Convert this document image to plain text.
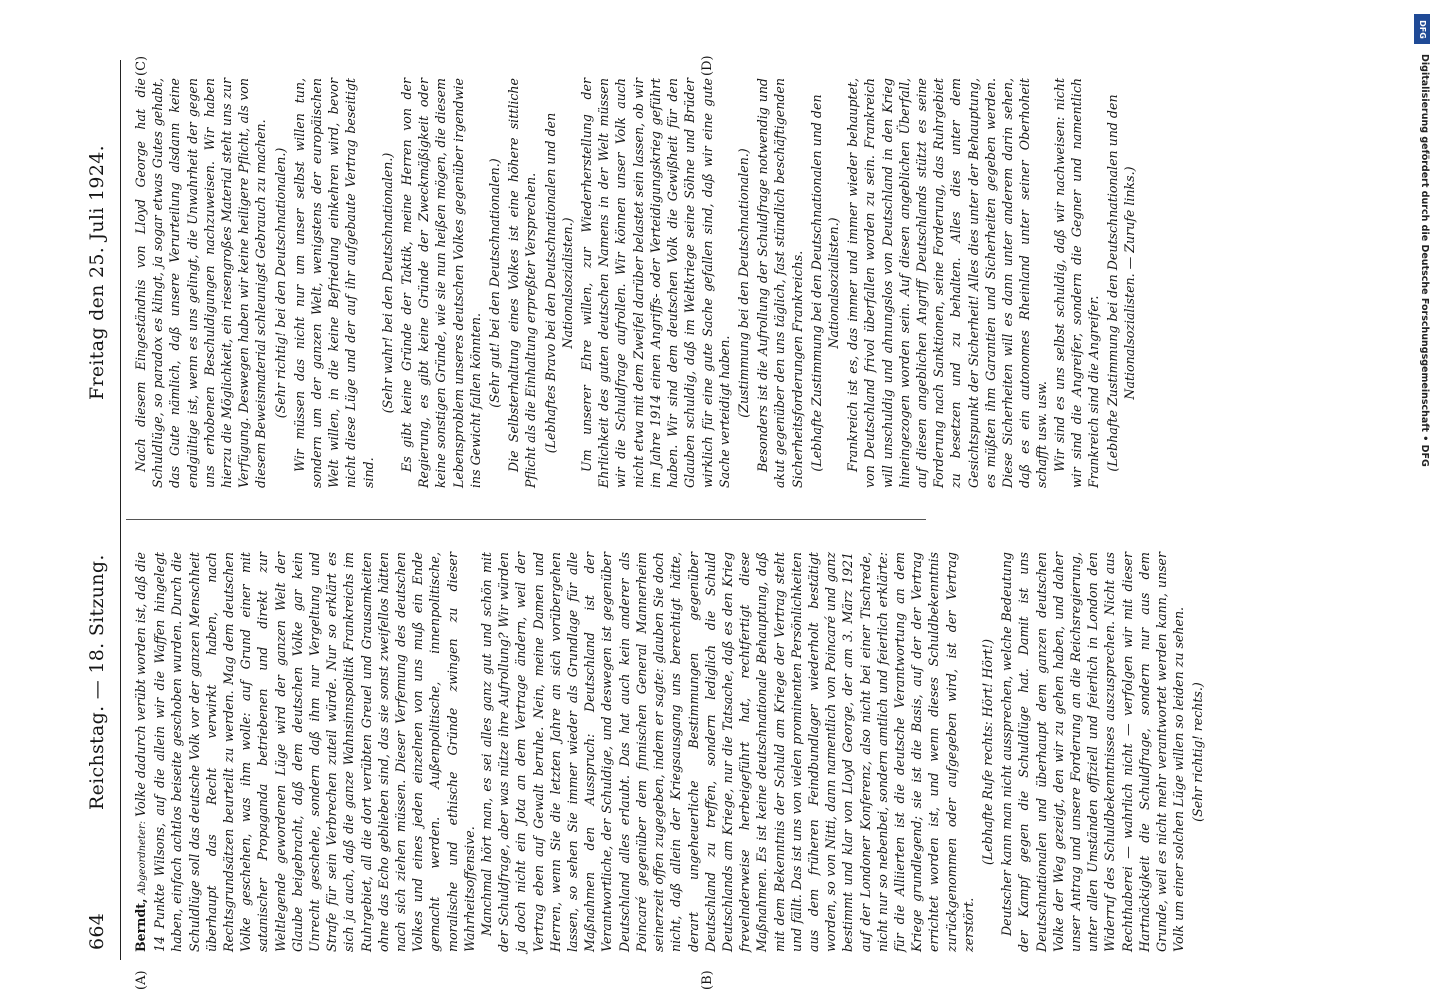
664
Reichstag. — 18. Sitzung.
Freitag den 25. Juli 1924.
(A)	(B)
(C)	(D)

Berndt, Abgeordneter: Volke dadurch verübt worden ist, daß die 14 Punkte Wilsons, auf die allein wir die Waffen hingelegt haben, einfach achtlos beiseite geschoben wurden. Durch die Schuldlüge soll das deutsche Volk vor der ganzen Menschheit überhaupt das Recht verwirkt haben, nach Rechtsgrundsätzen beurteilt zu werden. Mag dem deutschen Volke geschehen, was ihm wolle: auf Grund einer mit satanischer Propaganda betriebenen und direkt zur Weltlegende gewordenen Lüge wird der ganzen Welt der Glaube beigebracht, daß dem deutschen Volke gar kein Unrecht geschehe, sondern daß ihm nur Vergeltung und Strafe für sein Verbrechen zuteil würde. Nur so erklärt es sich ja auch, daß die ganze Wahnsinnspolitik Frankreichs im Ruhrgebiet, all die dort verübten Greuel und Grausamkeiten ohne das Echo geblieben sind, das sie sonst zweifellos hätten nach sich ziehen müssen. Dieser Verfemung des deutschen Volkes und eines jeden einzelnen von uns muß ein Ende gemacht werden. Außenpolitische, innenpolitische, moralische und ethische Gründe zwingen zu dieser Wahrheitsoffensive. Manchmal hört man, es sei alles ganz gut und schön mit der Schuldfrage, aber was nütze ihre Aufrollung? Wir würden ja doch nicht ein Jota an dem Vertrage ändern, weil der Vertrag eben auf Gewalt beruhe. Nein, meine Damen und Herren, wenn Sie die letzten Jahre an sich vorübergehen lassen, so sehen Sie immer wieder als Grundlage für alle Maßnahmen den Ausspruch: Deutschland ist der Verantwortliche, der Schuldige, und deswegen ist gegenüber Deutschland alles erlaubt. Das hat auch kein anderer als Poincaré gegenüber dem finnischen General Mannerheim seinerzeit offen zugegeben, indem er sagte: glauben Sie doch nicht, daß allein der Kriegsausgang uns berechtigt hätte, derart ungeheuerliche Bestimmungen gegenüber Deutschland zu treffen, sondern lediglich die Schuld Deutschlands am Kriege, nur die Tatsache, daß es den Krieg frevelnderweise herbeigeführt hat, rechtfertigt diese Maßnahmen. Es ist keine deutschnationale Behauptung, daß mit dem Bekenntnis der Schuld am Kriege der Vertrag steht und fällt. Das ist uns von vielen prominenten Persönlichkeiten aus dem früheren Feindbundlager wiederholt bestätigt worden, so von Nitti, dann namentlich von Poincaré und ganz bestimmt und klar von Lloyd George, der am 3. März 1921 auf der Londoner Konferenz, also nicht bei einer Tischrede, nicht nur so nebenbei, sondern amtlich und feierlich erklärte: für die Alliierten ist die deutsche Verantwortung an dem Kriege grundlegend; sie ist die Basis, auf der der Vertrag errichtet worden ist, und wenn dieses Schuldbekenntnis zurückgenommen oder aufgegeben wird, ist der Vertrag zerstört.

(Lebhafte Rufe rechts: Hört! Hört!) Deutscher kann man nicht aussprechen, welche Bedeutung der Kampf gegen die Schuldlüge hat. Damit ist uns Deutschnationalen und überhaupt dem ganzen deutschen Volke der Weg gezeigt, den wir zu gehen haben, und daher unser Antrag und unsere Forderung an die Reichsregierung, unter allen Umständen offiziell und feierlich in London den Widerruf des Schuldbekenntnisses auszusprechen. Nicht aus Rechthaberei — wahrlich nicht — verfolgen wir mit dieser Hartnäckigkeit die Schuldfrage, sondern nur aus dem Grunde, weil es nicht mehr verantwortet werden kann, unser Volk um einer solchen Lüge willen so leiden zu sehen. (Sehr richtig! rechts.)

Nach diesem Eingeständnis von Lloyd George hat die Schuldlüge, so paradox es klingt, ja sogar etwas Gutes gehabt, das Gute nämlich, daß unsere Verurteilung alsdann keine endgültige ist, wenn es uns gelingt, die Unwahrheit der gegen uns erhobenen Beschuldigungen nachzuweisen. Wir haben hierzu die Möglichkeit, ein riesengroßes Material steht uns zur Verfügung. Deswegen haben wir keine heiligere Pflicht, als von diesem Beweismaterial schleunigst Gebrauch zu machen. (Sehr richtig! bei den Deutschnationalen.) Wir müssen das nicht nur um unser selbst willen tun, sondern um der ganzen Welt, wenigstens der europäischen Welt willen, in die keine Befriedung einkehren wird, bevor nicht diese Lüge und der auf ihr aufgebaute Vertrag beseitigt sind.

(Sehr wahr! bei den Deutschnationalen.) Es gibt keine Gründe der Taktik, meine Herren von der Regierung, es gibt keine Gründe der Zweckmäßigkeit oder keine sonstigen Gründe, wie sie nun heißen mögen, die diesem Lebensproblem unseres deutschen Volkes gegenüber irgendwie ins Gewicht fallen könnten. (Sehr gut! bei den Deutschnationalen.) Die Selbsterhaltung eines Volkes ist eine höhere sittliche Pflicht als die Einhaltung erpreßter Versprechen. (Lebhaftes Bravo bei den Deutschnationalen und den Nationalsozialisten.) Um unserer Ehre willen, zur Wiederherstellung der Ehrlichkeit des guten deutschen Namens in der Welt müssen wir die Schuldfrage aufrollen. Wir können unser Volk auch nicht etwa mit dem Zweifel darüber belastet sein lassen, ob wir im Jahre 1914 einen Angriffs- oder Verteidigungskrieg geführt haben. Wir sind dem deutschen Volk die Gewißheit für den Glauben schuldig, daß im Weltkriege seine Söhne und Brüder wirklich für eine gute Sache gefallen sind, daß wir eine gute Sache verteidigt haben. (Zustimmung bei den Deutschnationalen.) Besonders ist die Aufrollung der Schuldfrage notwendig und akut gegenüber den uns täglich, fast stündlich beschäftigenden Sicherheitsforderungen Frankreichs. (Lebhafte Zustimmung bei den Deutschnationalen und den Nationalsozialisten.) Frankreich ist es, das immer und immer wieder behauptet, von Deutschland frivol überfallen worden zu sein. Frankreich will unschuldig und ahnungslos von Deutschland in den Krieg hineingezogen worden sein. Auf diesen angeblichen Überfall, auf diesen angeblichen Angriff Deutschlands stützt es seine Forderung nach Sanktionen, seine Forderung, das Ruhrgebiet zu besetzen und zu behalten. Alles dies unter dem Gesichtspunkt der Sicherheit! Alles dies unter der Behauptung, es müßten ihm Garantien und Sicherheiten gegeben werden. Diese Sicherheiten will es dann unter anderem darin sehen, daß es ein autonomes Rheinland unter seiner Oberhoheit schafft usw. usw. Wir sind es uns selbst schuldig, daß wir nachweisen: nicht wir sind die Angreifer, sondern die Gegner und namentlich Frankreich sind die Angreifer. (Lebhafte Zustimmung bei den Deutschnationalen und den Nationalsozialisten. — Zurufe links.)
DFG
Digitalisierung gefördert durch die Deutsche Forschungsgemeinschaft • DFG
